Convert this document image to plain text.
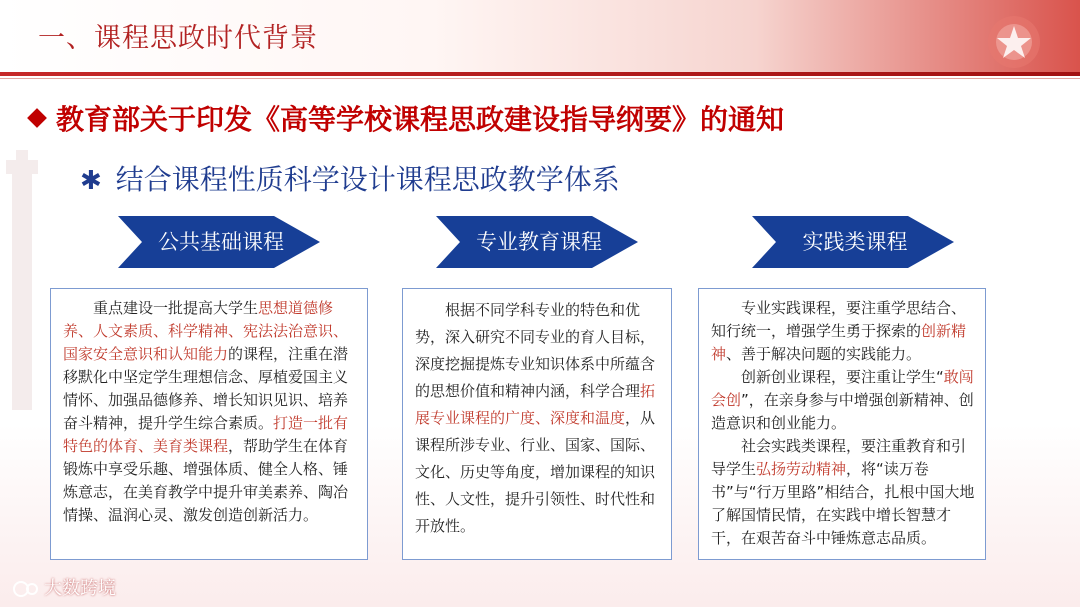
一、课程思政时代背景
教育部关于印发《高等学校课程思政建设指导纲要》的通知
✱ 结合课程性质科学设计课程思政教学体系
公共基础课程	专业教育课程	实践类课程

重点建设一批提高大学生思想道德修养、人文素质、科学精神、宪法法治意识、国家安全意识和认知能力的课程，注重在潜移默化中坚定学生理想信念、厚植爱国主义情怀、加强品德修养、增长知识见识、培养奋斗精神，提升学生综合素质。打造一批有特色的体育、美育类课程，帮助学生在体育锻炼中享受乐趣、增强体质、健全人格、锤炼意志，在美育教学中提升审美素养、陶冶情操、温润心灵、激发创造创新活力。

根据不同学科专业的特色和优势，深入研究不同专业的育人目标，深度挖掘提炼专业知识体系中所蕴含的思想价值和精神内涵，科学合理拓展专业课程的广度、深度和温度，从课程所涉专业、行业、国家、国际、文化、历史等角度，增加课程的知识性、人文性，提升引领性、时代性和开放性。

专业实践课程，要注重学思结合、知行统一，增强学生勇于探索的创新精神、善于解决问题的实践能力。

创新创业课程，要注重让学生“敢闯会创”，在亲身参与中增强创新精神、创造意识和创业能力。

社会实践类课程，要注重教育和引导学生弘扬劳动精神，将“读万卷书”与“行万里路”相结合，扎根中国大地了解国情民情，在实践中增长智慧才干，在艰苦奋斗中锤炼意志品质。

大数跨境
